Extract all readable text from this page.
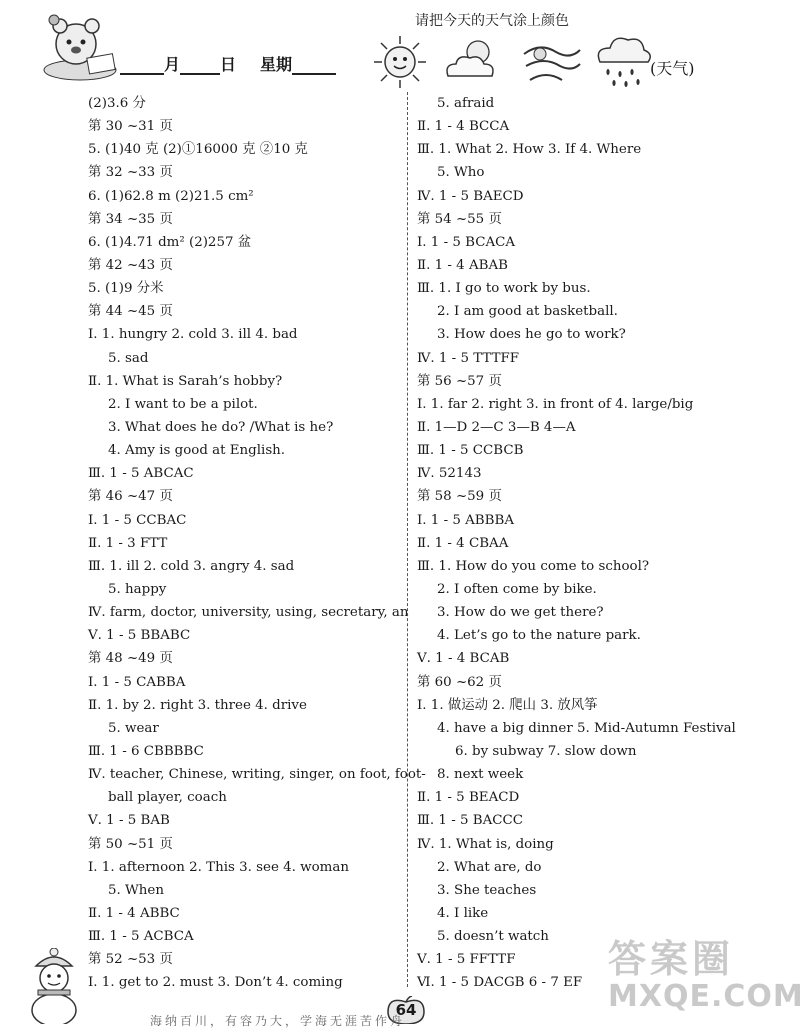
请把今天的天气涂上颜色
月	日 星期	(天气)
(2)3.6 分
第 30 ~31 页
5. (1)40 克 (2)①16000 克 ②10 克
第 32 ~33 页
6. (1)62.8 m (2)21.5 cm²
第 34 ~35 页
6. (1)4.71 dm² (2)257 盆
第 42 ~43 页
5. (1)9 分米
第 44 ~45 页
Ⅰ. 1. hungry 2. cold 3. ill 4. bad
5. sad
Ⅱ. 1. What is Sarah’s hobby?
2. I want to be a pilot.
3. What does he do? /What is he?
4. Amy is good at English.
Ⅲ. 1 - 5 ABCAC
第 46 ~47 页
Ⅰ. 1 - 5 CCBAC
Ⅱ. 1 - 3 FTT
Ⅲ. 1. ill 2. cold 3. angry 4. sad
5. happy
Ⅳ. farm, doctor, university, using, secretary, an
Ⅴ. 1 - 5 BBABC
第 48 ~49 页
Ⅰ. 1 - 5 CABBA
Ⅱ. 1. by 2. right 3. three 4. drive
5. wear
Ⅲ. 1 - 6 CBBBBC
Ⅳ. teacher, Chinese, writing, singer, on foot, foot-
ball player, coach
Ⅴ. 1 - 5 BAB
第 50 ~51 页
Ⅰ. 1. afternoon 2. This 3. see 4. woman
5. When
Ⅱ. 1 - 4 ABBC
Ⅲ. 1 - 5 ACBCA
第 52 ~53 页
Ⅰ. 1. get to 2. must 3. Don’t 4. coming
5. afraid
Ⅱ. 1 - 4 BCCA
Ⅲ. 1. What 2. How 3. If 4. Where
5. Who
Ⅳ. 1 - 5 BAECD
第 54 ~55 页
Ⅰ. 1 - 5 BCACA
Ⅱ. 1 - 4 ABAB
Ⅲ. 1. I go to work by bus.
2. I am good at basketball.
3. How does he go to work?
Ⅳ. 1 - 5 TTTFF
第 56 ~57 页
Ⅰ. 1. far 2. right 3. in front of 4. large/big
Ⅱ. 1—D 2—C 3—B 4—A
Ⅲ. 1 - 5 CCBCB
Ⅳ. 52143
第 58 ~59 页
Ⅰ. 1 - 5 ABBBA
Ⅱ. 1 - 4 CBAA
Ⅲ. 1. How do you come to school?
2. I often come by bike.
3. How do we get there?
4. Let’s go to the nature park.
Ⅴ. 1 - 4 BCAB
第 60 ~62 页
Ⅰ. 1. 做运动 2. 爬山 3. 放风筝
4. have a big dinner 5. Mid-Autumn Festival
6. by subway 7. slow down
8. next week
Ⅱ. 1 - 5 BEACD
Ⅲ. 1 - 5 BACCC
Ⅳ. 1. What is, doing
2. What are, do
3. She teaches
4. I like
5. doesn’t watch
Ⅴ. 1 - 5 FFTTF
Ⅵ. 1 - 5 DACGB 6 - 7 EF
64
海纳百川，有容乃大，学海无涯苦作舟
答案圈
MXQE.COM
